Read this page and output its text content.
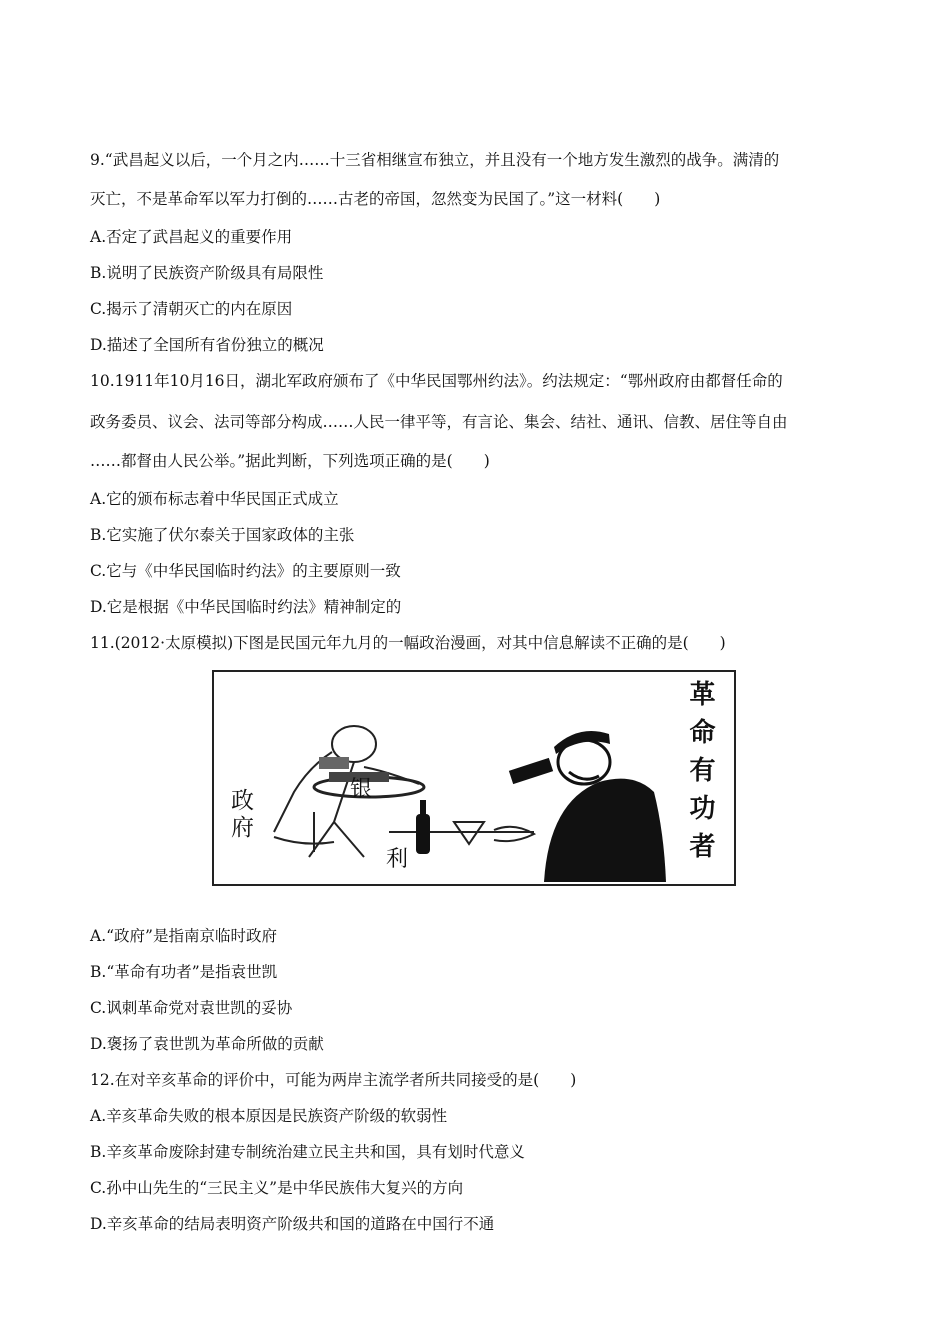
9.“武昌起义以后，一个月之内……十三省相继宣布独立，并且没有一个地方发生激烈的战争。满清的
灭亡，不是革命军以军力打倒的……古老的帝国，忽然变为民国了。”这一材料(　　)
A.否定了武昌起义的重要作用
B.说明了民族资产阶级具有局限性
C.揭示了清朝灭亡的内在原因
D.描述了全国所有省份独立的概况
10.1911年10月16日，湖北军政府颁布了《中华民国鄂州约法》。约法规定：“鄂州政府由都督任命的
政务委员、议会、法司等部分构成……人民一律平等，有言论、集会、结社、通讯、信教、居住等自由
……都督由人民公举。”据此判断，下列选项正确的是(　　)
A.它的颁布标志着中华民国正式成立
B.它实施了伏尔泰关于国家政体的主张
C.它与《中华民国临时约法》的主要原则一致
D.它是根据《中华民国临时约法》精神制定的
11.(2012·太原模拟)下图是民国元年九月的一幅政治漫画，对其中信息解读不正确的是(　　)
政府	银
利	革命有功者
A.“政府”是指南京临时政府
B.“革命有功者”是指袁世凯
C.讽刺革命党对袁世凯的妥协
D.褒扬了袁世凯为革命所做的贡献
12.在对辛亥革命的评价中，可能为两岸主流学者所共同接受的是(　　)
A.辛亥革命失败的根本原因是民族资产阶级的软弱性
B.辛亥革命废除封建专制统治建立民主共和国，具有划时代意义
C.孙中山先生的“三民主义”是中华民族伟大复兴的方向
D.辛亥革命的结局表明资产阶级共和国的道路在中国行不通
